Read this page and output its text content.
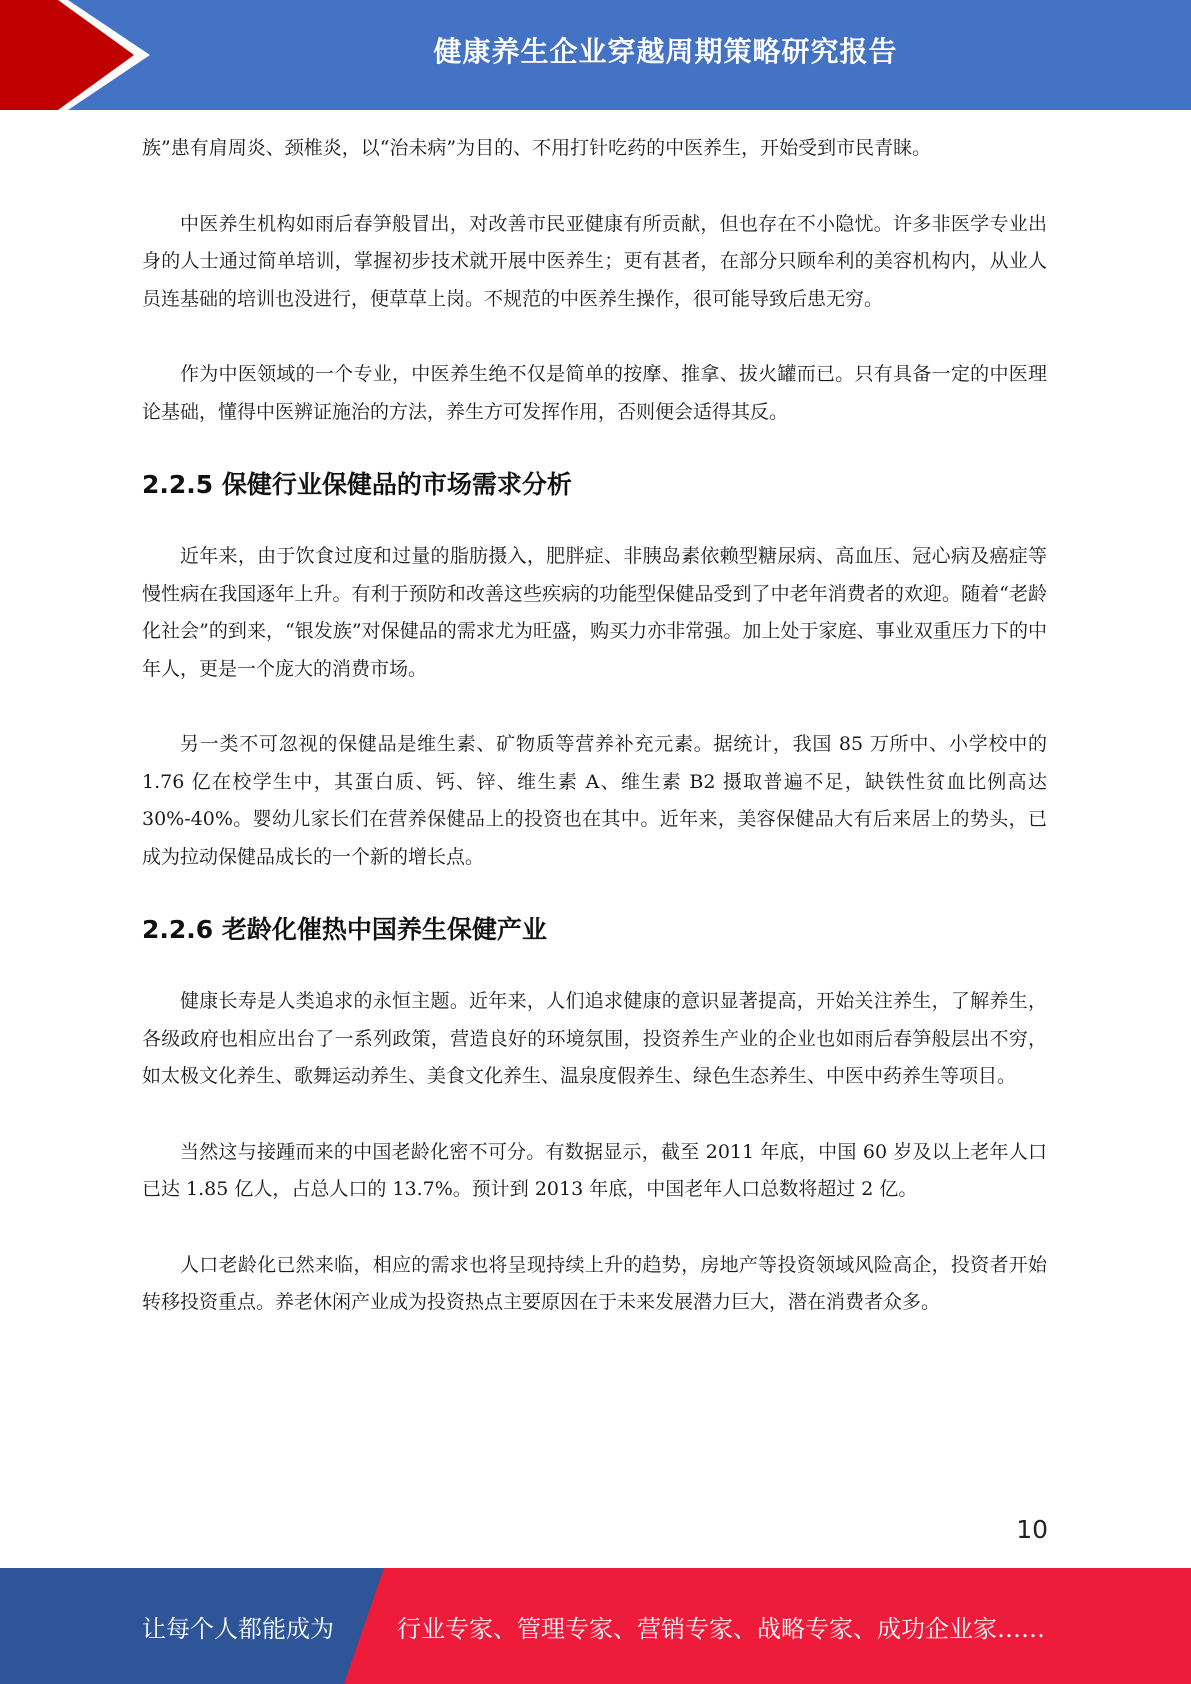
健康养生企业穿越周期策略研究报告

族”患有肩周炎、颈椎炎，以“治未病”为目的、不用打针吃药的中医养生，开始受到市民青睐。

中医养生机构如雨后春笋般冒出，对改善市民亚健康有所贡献，但也存在不小隐忧。许多非医学专业出身的人士通过简单培训，掌握初步技术就开展中医养生；更有甚者，在部分只顾牟利的美容机构内，从业人员连基础的培训也没进行，便草草上岗。不规范的中医养生操作，很可能导致后患无穷。

作为中医领域的一个专业，中医养生绝不仅是简单的按摩、推拿、拔火罐而已。只有具备一定的中医理论基础，懂得中医辨证施治的方法，养生方可发挥作用，否则便会适得其反。

2.2.5 保健行业保健品的市场需求分析

近年来，由于饮食过度和过量的脂肪摄入，肥胖症、非胰岛素依赖型糖尿病、高血压、冠心病及癌症等慢性病在我国逐年上升。有利于预防和改善这些疾病的功能型保健品受到了中老年消费者的欢迎。随着“老龄化社会”的到来，“银发族”对保健品的需求尤为旺盛，购买力亦非常强。加上处于家庭、事业双重压力下的中年人，更是一个庞大的消费市场。

另一类不可忽视的保健品是维生素、矿物质等营养补充元素。据统计，我国 85 万所中、小学校中的 1.76 亿在校学生中，其蛋白质、钙、锌、维生素 A、维生素 B2 摄取普遍不足，缺铁性贫血比例高达 30%-40%。婴幼儿家长们在营养保健品上的投资也在其中。近年来，美容保健品大有后来居上的势头，已成为拉动保健品成长的一个新的增长点。

2.2.6 老龄化催热中国养生保健产业

健康长寿是人类追求的永恒主题。近年来，人们追求健康的意识显著提高，开始关注养生，了解养生，各级政府也相应出台了一系列政策，营造良好的环境氛围，投资养生产业的企业也如雨后春笋般层出不穷，如太极文化养生、歌舞运动养生、美食文化养生、温泉度假养生、绿色生态养生、中医中药养生等项目。

当然这与接踵而来的中国老龄化密不可分。有数据显示，截至 2011 年底，中国 60 岁及以上老年人口已达 1.85 亿人，占总人口的 13.7%。预计到 2013 年底，中国老年人口总数将超过 2 亿。

人口老龄化已然来临，相应的需求也将呈现持续上升的趋势，房地产等投资领域风险高企，投资者开始转移投资重点。养老休闲产业成为投资热点主要原因在于未来发展潜力巨大，潜在消费者众多。

10
让每个人都能成为	行业专家、管理专家、营销专家、战略专家、成功企业家……
